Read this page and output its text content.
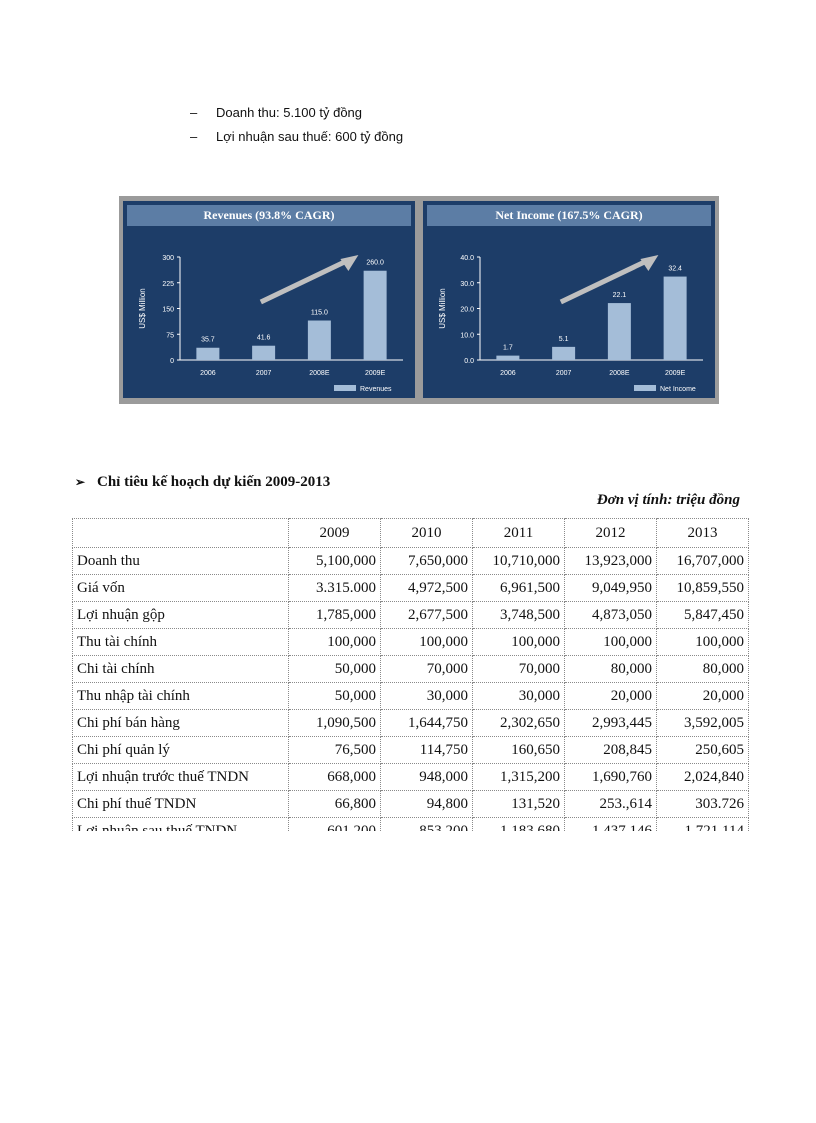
–	Doanh thu: 5.100 tỷ đồng
–	Lợi nhuận sau thuế: 600 tỷ đồng
0
75
150
225
300
US$ Million
35.7
2006
41.6
2007
115.0
2008E
260.0
2009E
Revenues
Revenues (93.8% CAGR)
0.0
10.0
20.0
30.0
40.0
US$ Million
1.7
2006
5.1
2007
22.1
2008E
32.4
2009E
Net Income
Net Income (167.5% CAGR)
➢ Chỉ tiêu kế hoạch dự kiến 2009-2013
Đơn vị tính: triệu đồng
	2009	2010	2011	2012	2013
Doanh thu	5,100,000	7,650,000	10,710,000	13,923,000	16,707,000
Giá vốn	3.315.000	4,972,500	6,961,500	9,049,950	10,859,550
Lợi nhuận gộp	1,785,000	2,677,500	3,748,500	4,873,050	5,847,450
Thu tài chính	100,000	100,000	100,000	100,000	100,000
Chi tài chính	50,000	70,000	70,000	80,000	80,000
Thu nhập tài chính	50,000	30,000	30,000	20,000	20,000
Chi phí bán hàng	1,090,500	1,644,750	2,302,650	2,993,445	3,592,005
Chi phí quản lý	76,500	114,750	160,650	208,845	250,605
Lợi nhuận trước thuế TNDN	668,000	948,000	1,315,200	1,690,760	2,024,840
Chi phí thuế TNDN	66,800	94,800	131,520	253.,614	303.726
